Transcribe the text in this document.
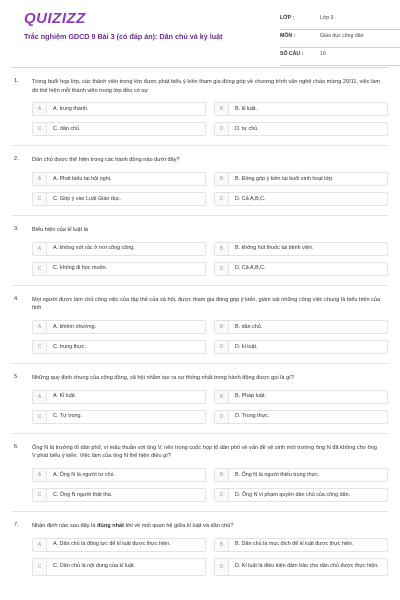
QUIZIZZ
Trắc nghiệm GDCD 9 Bài 3 (có đáp án): Dân chủ và kỷ luật
LỚP :	Lớp 9
MÔN :	Giáo dục công dân
SỐ CÂU :	10
1. Trong buổi họp lớp, các thành viên trong lớp được phát biểu ý kiến tham gia đóng góp về chương trình văn nghệ chào mừng 20/11, việc làm đó thể hiện mỗi thành viên trong lớp đều có sự
A	A. trung thành.	B	B. kỉ luật.
C	C. dân chủ.	D	D. tự chủ.
2. Dân chủ được thể hiện trong các hành động nào dưới đây?
A	A. Phát biểu tại hội nghị.	B	B. Đóng góp ý kiến tại buổi sinh hoạt lớp.
C	C. Góp ý vào Luật Giáo dục.	D	D. Cả A,B,C.
3. Biểu hiện của kỉ luật là
A	A. không vứt rác ở nơi công cộng.	B	B. không hút thuốc tại bệnh viện.
C	C. không đi học muộn.	D	D. Cả A,B,C.
4. Mọi người được làm chủ công việc của tập thể của xã hội, được tham gia đóng góp ý kiến, giám sát những công việc chung là biểu hiện của tính
A	A. khiêm nhường.	B	B. dân chủ.
C	C. trung thực.	D	D. kỉ luật.
5. Những quy định chung của cộng đồng, xã hội nhằm tạo ra sự thống nhất trong hành động được gọi là gì?
A	A. Kỉ luật.	B	B. Pháp luật.
C	C. Tự trọng.	D	D. Trung thực.
6. Ông N là trưởng tổ dân phố, vì mâu thuẫn với ông V, nên trong cuộc họp tổ dân phố về vấn đề vệ sinh môi trường ông N đã không cho ông V phát biểu ý kiến. Việc làm của ông N thể hiện điều gì?
A	A. Ông N là người tự chủ.	B	B. Ông N là người thiếu trung thực.
C	C. Ông N người thật thà.	D	D. Ông N vi phạm quyền dân chủ của công dân.
7. Nhận định nào sau đây là đúng nhất khi về mối quan hệ giữa kỉ luật và dân chủ?
A	A. Dân chủ là động lực để kỉ luật được thực hiện.	B	B. Dân chủ là mục đích để kỉ luật được thực hiện.
C	C. Dân chủ là nội dung của kỉ luật.	D	D. Kỉ luật là điều kiện đảm bảo cho dân chủ được thực hiện.
